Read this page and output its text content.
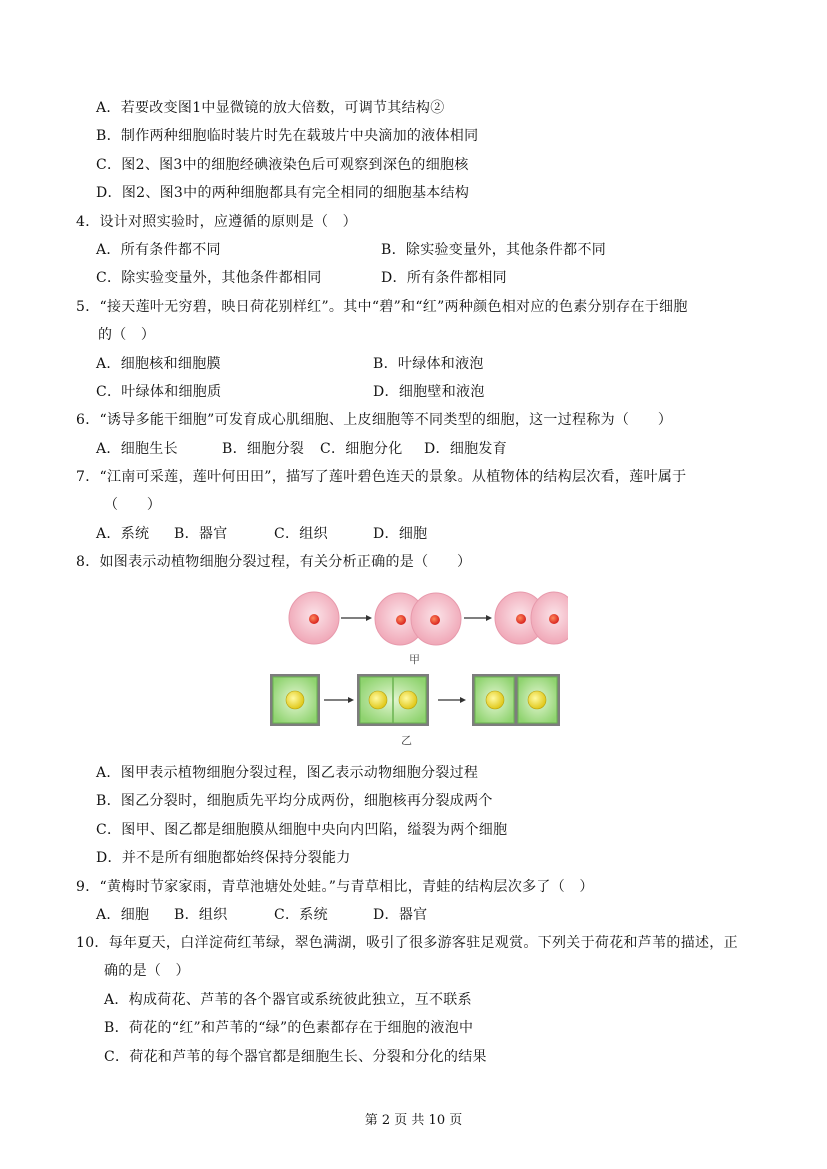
A．若要改变图1中显微镜的放大倍数，可调节其结构②
B．制作两种细胞临时装片时先在载玻片中央滴加的液体相同
C．图2、图3中的细胞经碘液染色后可观察到深色的细胞核
D．图2、图3中的两种细胞都具有完全相同的细胞基本结构
4．设计对照实验时，应遵循的原则是（　）
A．所有条件都不同	B．除实验变量外，其他条件都不同
C．除实验变量外，其他条件都相同	D．所有条件都相同
5．“接天莲叶无穷碧，映日荷花别样红”。其中“碧”和“红”两种颜色相对应的色素分别存在于细胞
的（　）
A．细胞核和细胞膜	B．叶绿体和液泡
C．叶绿体和细胞质	D．细胞壁和液泡
6．“诱导多能干细胞”可发育成心肌细胞、上皮细胞等不同类型的细胞，这一过程称为（　　）
A．细胞生长	B．细胞分裂 C．细胞分化 D．细胞发育
7．“江南可采莲，莲叶何田田”，描写了莲叶碧色连天的景象。从植物体的结构层次看，莲叶属于
（　　）
A．系统 B．器官	C．组织	D．细胞
8．如图表示动植物细胞分裂过程，有关分析正确的是（　　）
甲
乙
A．图甲表示植物细胞分裂过程，图乙表示动物细胞分裂过程
B．图乙分裂时，细胞质先平均分成两份，细胞核再分裂成两个
C．图甲、图乙都是细胞膜从细胞中央向内凹陷，缢裂为两个细胞
D．并不是所有细胞都始终保持分裂能力
9．“黄梅时节家家雨，青草池塘处处蛙。”与青草相比，青蛙的结构层次多了（　）
A．细胞 B．组织	C．系统	D．器官
10．每年夏天，白洋淀荷红苇绿，翠色满湖，吸引了很多游客驻足观赏。下列关于荷花和芦苇的描述，正
确的是（　）
A．构成荷花、芦苇的各个器官或系统彼此独立，互不联系
B．荷花的“红”和芦苇的“绿”的色素都存在于细胞的液泡中
C．荷花和芦苇的每个器官都是细胞生长、分裂和分化的结果
第 2 页 共 10 页
